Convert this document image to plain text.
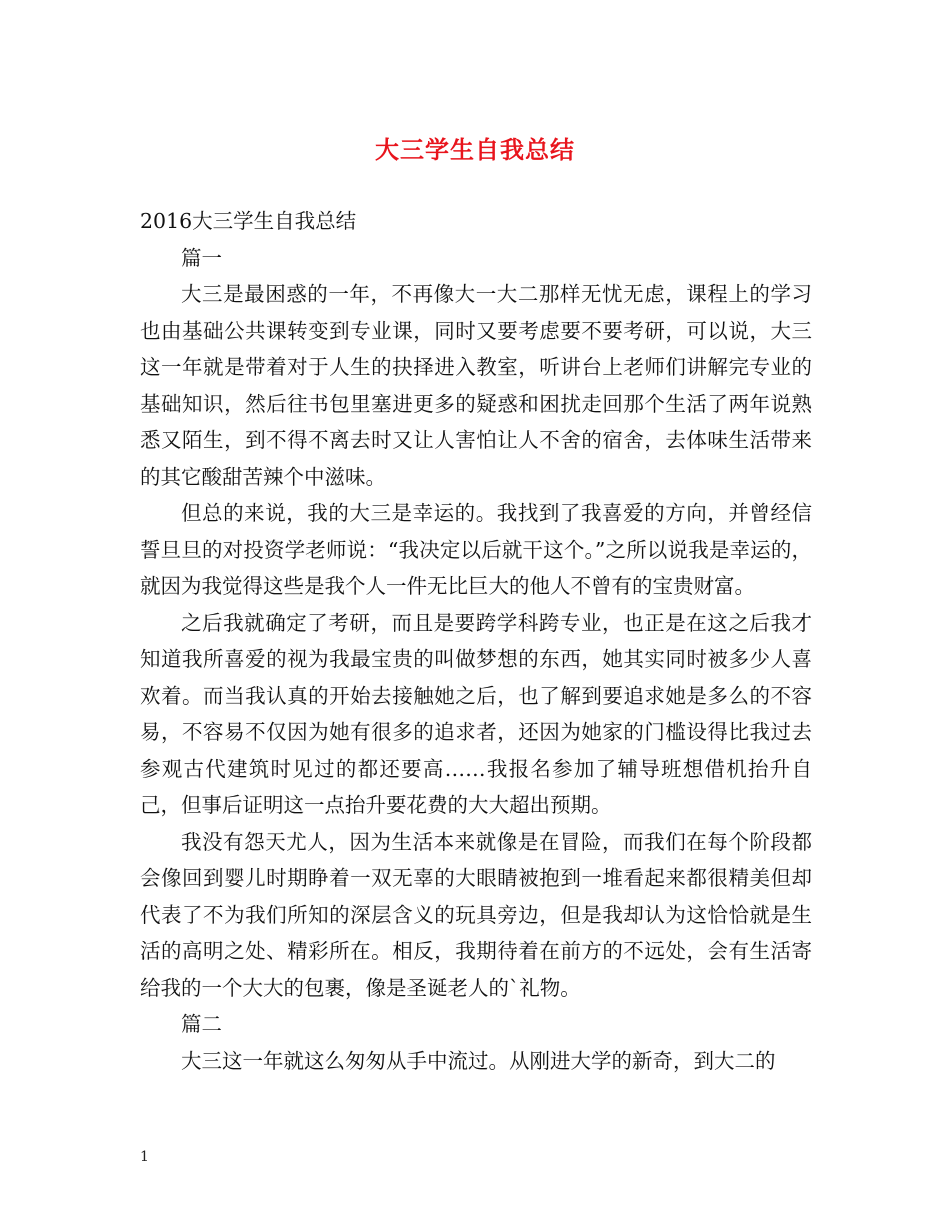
大三学生自我总结

2016大三学生自我总结

篇一

大三是最困惑的一年，不再像大一大二那样无忧无虑，课程上的学习也由基础公共课转变到专业课，同时又要考虑要不要考研，可以说，大三这一年就是带着对于人生的抉择进入教室，听讲台上老师们讲解完专业的基础知识，然后往书包里塞进更多的疑惑和困扰走回那个生活了两年说熟悉又陌生，到不得不离去时又让人害怕让人不舍的宿舍，去体味生活带来的其它酸甜苦辣个中滋味。

但总的来说，我的大三是幸运的。我找到了我喜爱的方向，并曾经信誓旦旦的对投资学老师说：“我决定以后就干这个。”之所以说我是幸运的，就因为我觉得这些是我个人一件无比巨大的他人不曾有的宝贵财富。

之后我就确定了考研，而且是要跨学科跨专业，也正是在这之后我才知道我所喜爱的视为我最宝贵的叫做梦想的东西，她其实同时被多少人喜欢着。而当我认真的开始去接触她之后，也了解到要追求她是多么的不容易，不容易不仅因为她有很多的追求者，还因为她家的门槛设得比我过去参观古代建筑时见过的都还要高……我报名参加了辅导班想借机抬升自己，但事后证明这一点抬升要花费的大大超出预期。

我没有怨天尤人，因为生活本来就像是在冒险，而我们在每个阶段都会像回到婴儿时期睁着一双无辜的大眼睛被抱到一堆看起来都很精美但却代表了不为我们所知的深层含义的玩具旁边，但是我却认为这恰恰就是生活的高明之处、精彩所在。相反，我期待着在前方的不远处，会有生活寄给我的一个大大的包裹，像是圣诞老人的`礼物。

篇二

大三这一年就这么匆匆从手中流过。从刚进大学的新奇，到大二的

1
